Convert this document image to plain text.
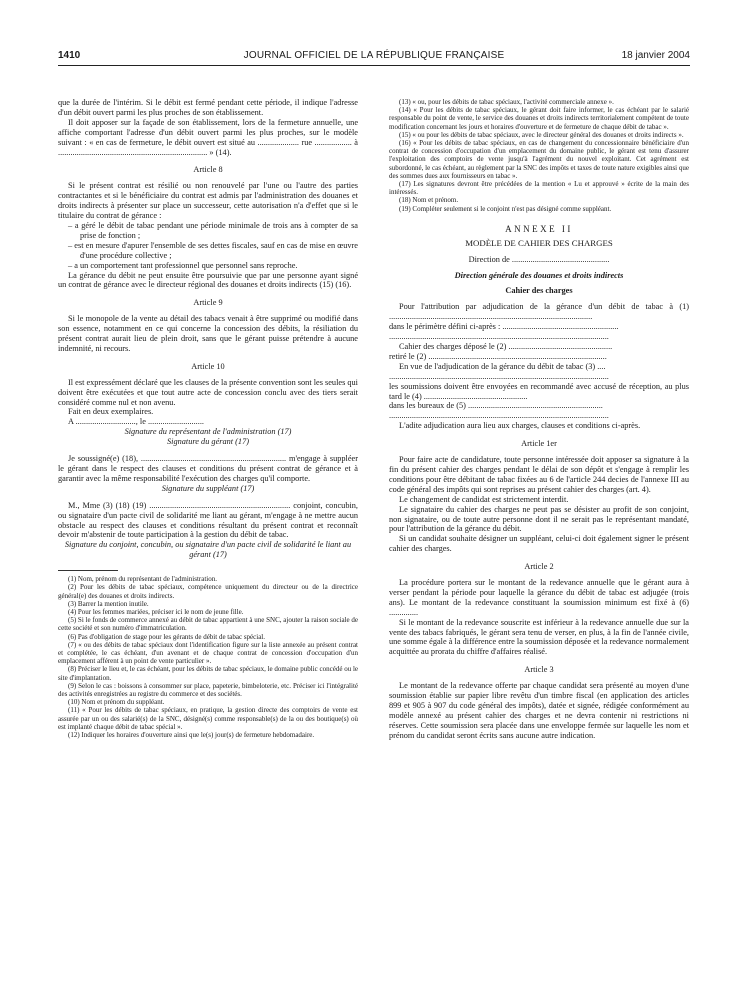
1410	JOURNAL OFFICIEL DE LA RÉPUBLIQUE FRANÇAISE	18 janvier 2004

que la durée de l'intérim. Si le débit est fermé pendant cette période, il indique l'adresse d'un débit ouvert parmi les plus proches de son établissement.

Il doit apposer sur la façade de son établissement, lors de la fermeture annuelle, une affiche comportant l'adresse d'un débit ouvert parmi les plus proches, sur le modèle suivant : « en cas de fermeture, le débit ouvert est situé au .................... rue .................. à ........................................................................ » (14).

Article 8

Si le présent contrat est résilié ou non renouvelé par l'une ou l'autre des parties contractantes et si le bénéficiaire du contrat est admis par l'administration des douanes et droits indirects à présenter sur place un successeur, cette autorisation n'a d'effet que si le titulaire du contrat de gérance :

– a géré le débit de tabac pendant une période minimale de trois ans à compter de sa prise de fonction ;

– est en mesure d'apurer l'ensemble de ses dettes fiscales, sauf en cas de mise en œuvre d'une procédure collective ;

– a un comportement tant professionnel que personnel sans reproche.

La gérance du débit ne peut ensuite être poursuivie que par une personne ayant signé un contrat de gérance avec le directeur régional des douanes et droits indirects (15) (16).

Article 9

Si le monopole de la vente au détail des tabacs venait à être supprimé ou modifié dans son essence, notamment en ce qui concerne la concession des débits, la résiliation du présent contrat aurait lieu de plein droit, sans que le gérant puisse prétendre à aucune indemnité, ni recours.

Article 10

Il est expressément déclaré que les clauses de la présente convention sont les seules qui doivent être exécutées et que tout autre acte de concession conclu avec des tiers serait considéré comme nul et non avenu.

Fait en deux exemplaires.

A ............................., le ...........................

Signature du représentant de l'administration (17)

Signature du gérant (17)

Je soussigné(e) (18), ...................................................................... m'engage à suppléer le gérant dans le respect des clauses et conditions du présent contrat de gérance et à garantir avec la même responsabilité l'exécution des charges qu'il comporte.

Signature du suppléant (17)

M., Mme (3) (18) (19) .................................................................... conjoint, concubin, ou signataire d'un pacte civil de solidarité me liant au gérant, m'engage à ne mettre aucun obstacle au respect des clauses et conditions résultant du présent contrat et reconnaît devoir m'abstenir de toute participation à la gestion du débit de tabac.

Signature du conjoint, concubin, ou signataire d'un pacte civil de solidarité le liant au gérant (17)

(1) Nom, prénom du représentant de l'administration.

(2) Pour les débits de tabac spéciaux, compétence uniquement du directeur ou de la directrice général(e) des douanes et droits indirects.

(3) Barrer la mention inutile.

(4) Pour les femmes mariées, préciser ici le nom de jeune fille.

(5) Si le fonds de commerce annexé au débit de tabac appartient à une SNC, ajouter la raison sociale de cette société et son numéro d'immatriculation.

(6) Pas d'obligation de stage pour les gérants de débit de tabac spécial.

(7) « ou des débits de tabac spéciaux dont l'identification figure sur la liste annexée au présent contrat et complétée, le cas échéant, d'un avenant et de chaque contrat de concession d'occupation d'un emplacement afférent à un point de vente particulier ».

(8) Préciser le lieu et, le cas échéant, pour les débits de tabac spéciaux, le domaine public concédé ou le site d'implantation.

(9) Selon le cas : boissons à consommer sur place, papeterie, bimbeloterie, etc. Préciser ici l'intégralité des activités enregistrées au registre du commerce et des sociétés.

(10) Nom et prénom du suppléant.

(11) « Pour les débits de tabac spéciaux, en pratique, la gestion directe des comptoirs de vente est assurée par un ou des salarié(s) de la SNC, désigné(s) comme responsable(s) de la ou des boutique(s) où est implanté chaque débit de tabac spécial ».

(12) Indiquer les horaires d'ouverture ainsi que le(s) jour(s) de fermeture hebdomadaire.

(13) « ou, pour les débits de tabac spéciaux, l'activité commerciale annexe ».

(14) « Pour les débits de tabac spéciaux, le gérant doit faire informer, le cas échéant par le salarié responsable du point de vente, le service des douanes et droits indirects territorialement compétent de toute modification concernant les jours et horaires d'ouverture et de fermeture de chaque débit de tabac ».

(15) « ou pour les débits de tabac spéciaux, avec le directeur général des douanes et droits indirects ».

(16) « Pour les débits de tabac spéciaux, en cas de changement du concessionnaire bénéficiaire d'un contrat de concession d'occupation d'un emplacement du domaine public, le gérant est tenu d'assurer l'exploitation des comptoirs de vente jusqu'à l'agrément du nouvel exploitant. Cet agrément est subordonné, le cas échéant, au règlement par la SNC des impôts et taxes de toute nature exigibles ainsi que des sommes dues aux fournisseurs en tabac ».

(17) Les signatures devront être précédées de la mention « Lu et approuvé » écrite de la main des intéressés.

(18) Nom et prénom.

(19) Compléter seulement si le conjoint n'est pas désigné comme suppléant.

ANNEXE II

MODÈLE DE CAHIER DES CHARGES

Direction de ...............................................

Direction générale des douanes et droits indirects

Cahier des charges

Pour l'attribution par adjudication de la gérance d'un débit de tabac à (1) ..................................................................................................

dans le périmètre défini ci-après : ........................................................

..........................................................................................................

Cahier des charges déposé le (2) ..................................................

retiré le (2) ......................................................................................

En vue de l'adjudication de la gérance du débit de tabac (3) ....

..........................................................................................................

les soumissions doivent être envoyées en recommandé avec accusé de réception, au plus tard le (4) ..................................................

dans les bureaux de (5) .................................................................

..........................................................................................................

L'adite adjudication aura lieu aux charges, clauses et conditions ci-après.

Article 1er

Pour faire acte de candidature, toute personne intéressée doit apposer sa signature à la fin du présent cahier des charges pendant le délai de son dépôt et s'engage à remplir les conditions pour être débitant de tabac fixées au 6 de l'article 244 decies de l'annexe III au code général des impôts qui sont reprises au présent cahier des charges (art. 4).

Le changement de candidat est strictement interdit.

Le signataire du cahier des charges ne peut pas se désister au profit de son conjoint, non signataire, ou de toute autre personne dont il ne serait pas le représentant mandaté, pour l'attribution de la gérance du débit.

Si un candidat souhaite désigner un suppléant, celui-ci doit également signer le présent cahier des charges.

Article 2

La procédure portera sur le montant de la redevance annuelle que le gérant aura à verser pendant la période pour laquelle la gérance du débit de tabac est adjugée (trois ans). Le montant de la redevance constituant la soumission minimum est fixé à (6) ..............

Si le montant de la redevance souscrite est inférieur à la redevance annuelle due sur la vente des tabacs fabriqués, le gérant sera tenu de verser, en plus, à la fin de l'année civile, une somme égale à la différence entre la soumission déposée et la redevance normalement acquittée au prorata du chiffre d'affaires réalisé.

Article 3

Le montant de la redevance offerte par chaque candidat sera présenté au moyen d'une soumission établie sur papier libre revêtu d'un timbre fiscal (en application des articles 899 et 905 à 907 du code général des impôts), datée et signée, rédigée conformément au modèle annexé au présent cahier des charges et ne devra contenir ni restrictions ni réserves. Cette soumission sera placée dans une enveloppe fermée sur laquelle les nom et prénom du candidat seront écrits sans aucune autre indication.
